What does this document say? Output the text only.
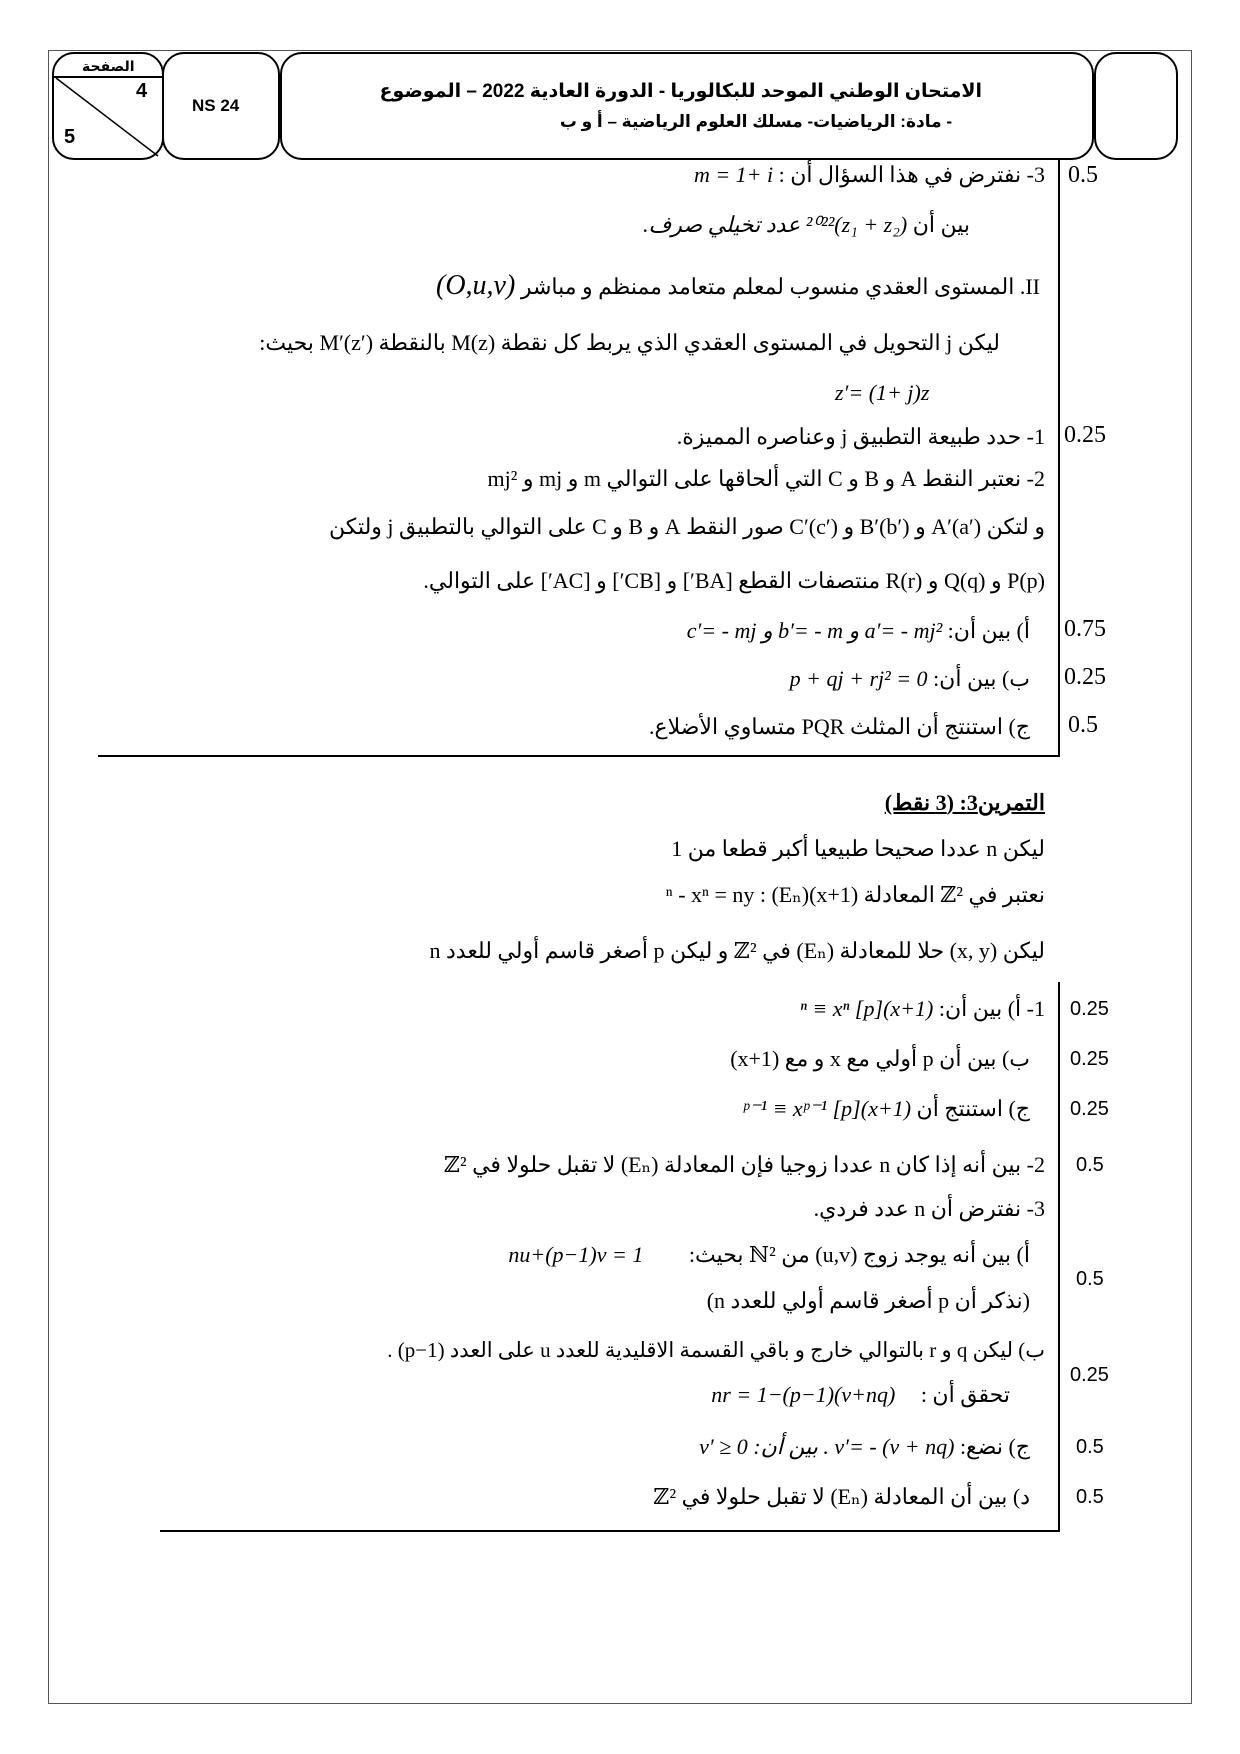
الصفحة
4
5
NS 24
الامتحان الوطني الموحد للبكالوريا - الدورة العادية 2022 – الموضوع
- مادة: الرياضيات- مسلك العلوم الرياضية – أ و ب
0.5
3- نفترض في هذا السؤال أن : m = 1+ i
بين أن (z₁ + z₂)²⁰²² عدد تخيلي صرف.
II. المستوى العقدي منسوب لمعلم متعامد ممنظم و مباشر (O,u,v)
ليكن j التحويل في المستوى العقدي الذي يربط كل نقطة M(z) بالنقطة M′(z′) بحيث:
z′= (1+ j)z
0.25
1- حدد طبيعة التطبيق j وعناصره المميزة.
2- نعتبر النقط A و B و C التي ألحاقها على التوالي m و mj و mj²
و لتكن A′(a′) و B′(b′) و C′(c′) صور النقط A و B و C على التوالي بالتطبيق j ولتكن
P(p) و Q(q) و R(r) منتصفات القطع [BA′] و [CB′] و [AC′] على التوالي.
0.75
أ) بين أن: a′= - mj² و b′= - m و c′= - mj
0.25
ب) بين أن: p + qj + rj² = 0
0.5
ج) استنتج أن المثلث PQR متساوي الأضلاع.
التمرين3: (3 نقط)
ليكن n عددا صحيحا طبيعيا أكبر قطعا من 1
نعتبر في ℤ² المعادلة (x+1)ⁿ - xⁿ = ny : (Eₙ)
ليكن (x, y) حلا للمعادلة (Eₙ) في ℤ² و ليكن p أصغر قاسم أولي للعدد n
0.25
1- أ) بين أن: (x+1)ⁿ ≡ xⁿ [p]
0.25
ب) بين أن p أولي مع x و مع (x+1)
0.25
ج) استنتج أن (x+1)ᵖ⁻¹ ≡ xᵖ⁻¹ [p]
0.5
2- بين أنه إذا كان n عددا زوجيا فإن المعادلة (Eₙ) لا تقبل حلولا في ℤ²
3- نفترض أن n عدد فردي.
0.5
أ) بين أنه يوجد زوج (u,v) من ℕ² بحيث: nu+(p−1)v = 1
(نذكر أن p أصغر قاسم أولي للعدد n)
0.25
ب) ليكن q و r بالتوالي خارج و باقي القسمة الاقليدية للعدد u على العدد (p−1) .
تحقق أن : nr = 1−(p−1)(v+nq)
0.5
ج) نضع: v′= - (v + nq) . بين أن: v′ ≥ 0
0.5
د) بين أن المعادلة (Eₙ) لا تقبل حلولا في ℤ²
